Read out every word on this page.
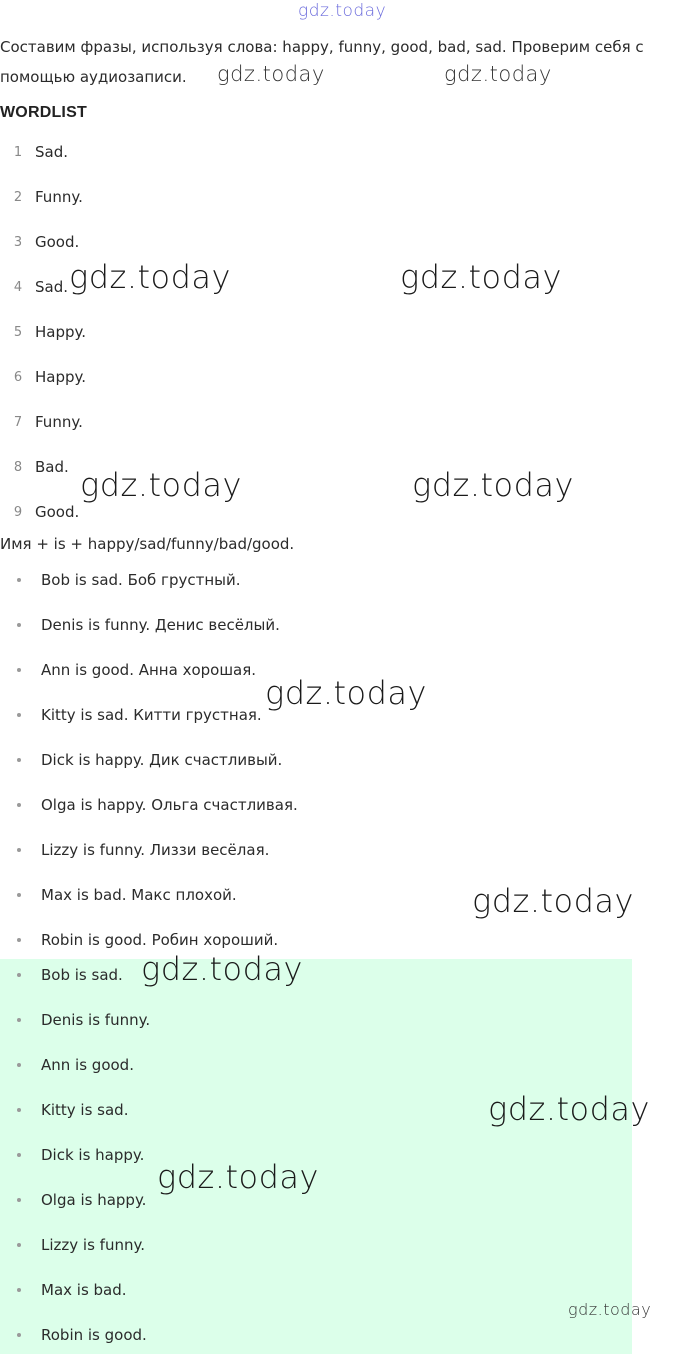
Составим фразы, используя слова: happy, funny, good, bad, sad. Проверим себя с помощью аудиозаписи.

WORDLIST
1 Sad.
2 Funny.
3 Good.
4 Sad.
5 Happy.
6 Happy.
7 Funny.
8 Bad.
9 Good.

Имя + is + happy/sad/funny/bad/good.

Bob is sad. Боб грустный.
Denis is funny. Денис весёлый.
Ann is good. Анна хорошая.
Kitty is sad. Китти грустная.
Dick is happy. Дик счастливый.
Olga is happy. Ольга счастливая.
Lizzy is funny. Лиззи весёлая.
Max is bad. Макс плохой.
Robin is good. Робин хороший.
Bob is sad.
Denis is funny.
Ann is good.
Kitty is sad.
Dick is happy.
Olga is happy.
Lizzy is funny.
Max is bad.
Robin is good.
gdz.today
gdz.today	gdz.today
gdz.today	gdz.today
gdz.today	gdz.today
gdz.today
gdz.today
gdz.today
gdz.today
gdz.today
gdz.today
